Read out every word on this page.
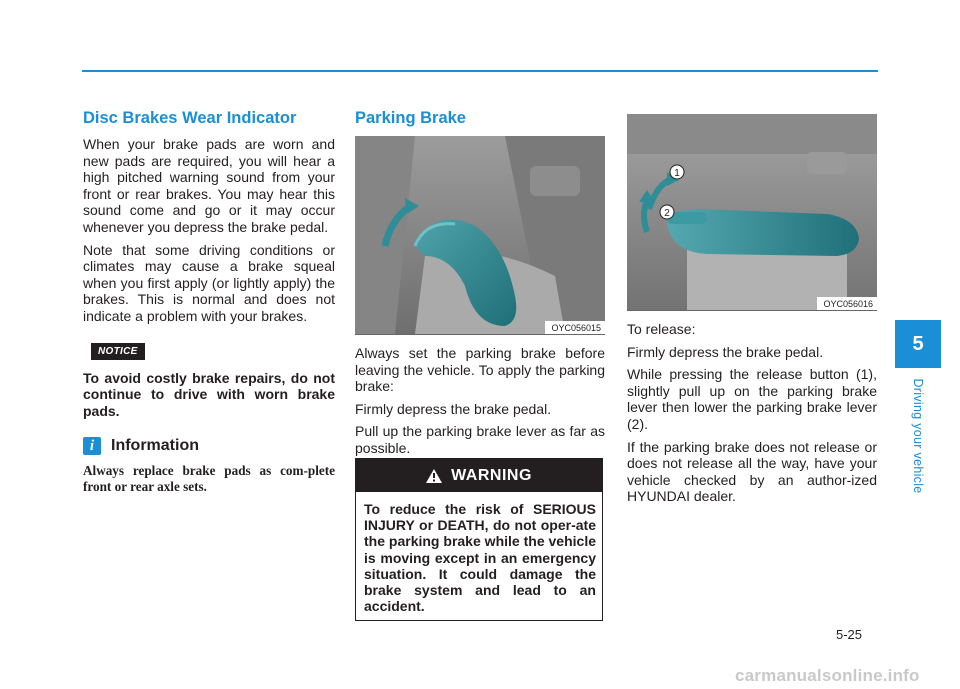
Disc Brakes Wear Indicator

When your brake pads are worn and new pads are required, you will hear a high pitched warning sound from your front or rear brakes. You may hear this sound come and go or it may occur whenever you depress the brake pedal.

Note that some driving conditions or climates may cause a brake squeal when you first apply (or lightly apply) the brakes. This is normal and does not indicate a problem with your brakes.

NOTICE

To avoid costly brake repairs, do not continue to drive with worn brake pads.

i	Information

Always replace brake pads as com-plete front or rear axle sets.

Parking Brake
OYC056015

Always set the parking brake before leaving the vehicle. To apply the parking brake:

Firmly depress the brake pedal.

Pull up the parking brake lever as far as possible.

WARNING
To reduce the risk of SERIOUS INJURY or DEATH, do not oper-ate the parking brake while the vehicle is moving except in an emergency situation. It could damage the brake system and lead to an accident.
1
2
OYC056016

To release:

Firmly depress the brake pedal.

While pressing the release button (1), slightly pull up on the parking brake lever then lower the parking brake lever (2).

If the parking brake does not release or does not release all the way, have your vehicle checked by an author-ized HYUNDAI dealer.

5
Driving your vehicle
5-25
carmanualsonline.info
